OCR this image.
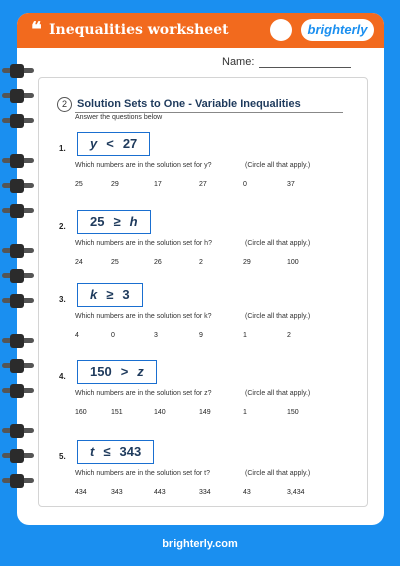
❝ Inequalities worksheet	brighterly
Name:
2 Solution Sets to One - Variable Inequalities
Answer the questions below
1.	y < 27
Which numbers are in the solution set for y?	(Circle all that apply.)
25	29	17	27	0	37
2.	25 ≥ h
Which numbers are in the solution set for h?	(Circle all that apply.)
24	25	26	2	29	100
3.	k ≥ 3
Which numbers are in the solution set for k?	(Circle all that apply.)
4	0	3	9	1	2
4.	150 > z
Which numbers are in the solution set for z?	(Circle all that apply.)
160	151	140	149	1	150
5.	t ≤ 343
Which numbers are in the solution set for t?	(Circle all that apply.)
434	343	443	334	43	3,434
brighterly.com
